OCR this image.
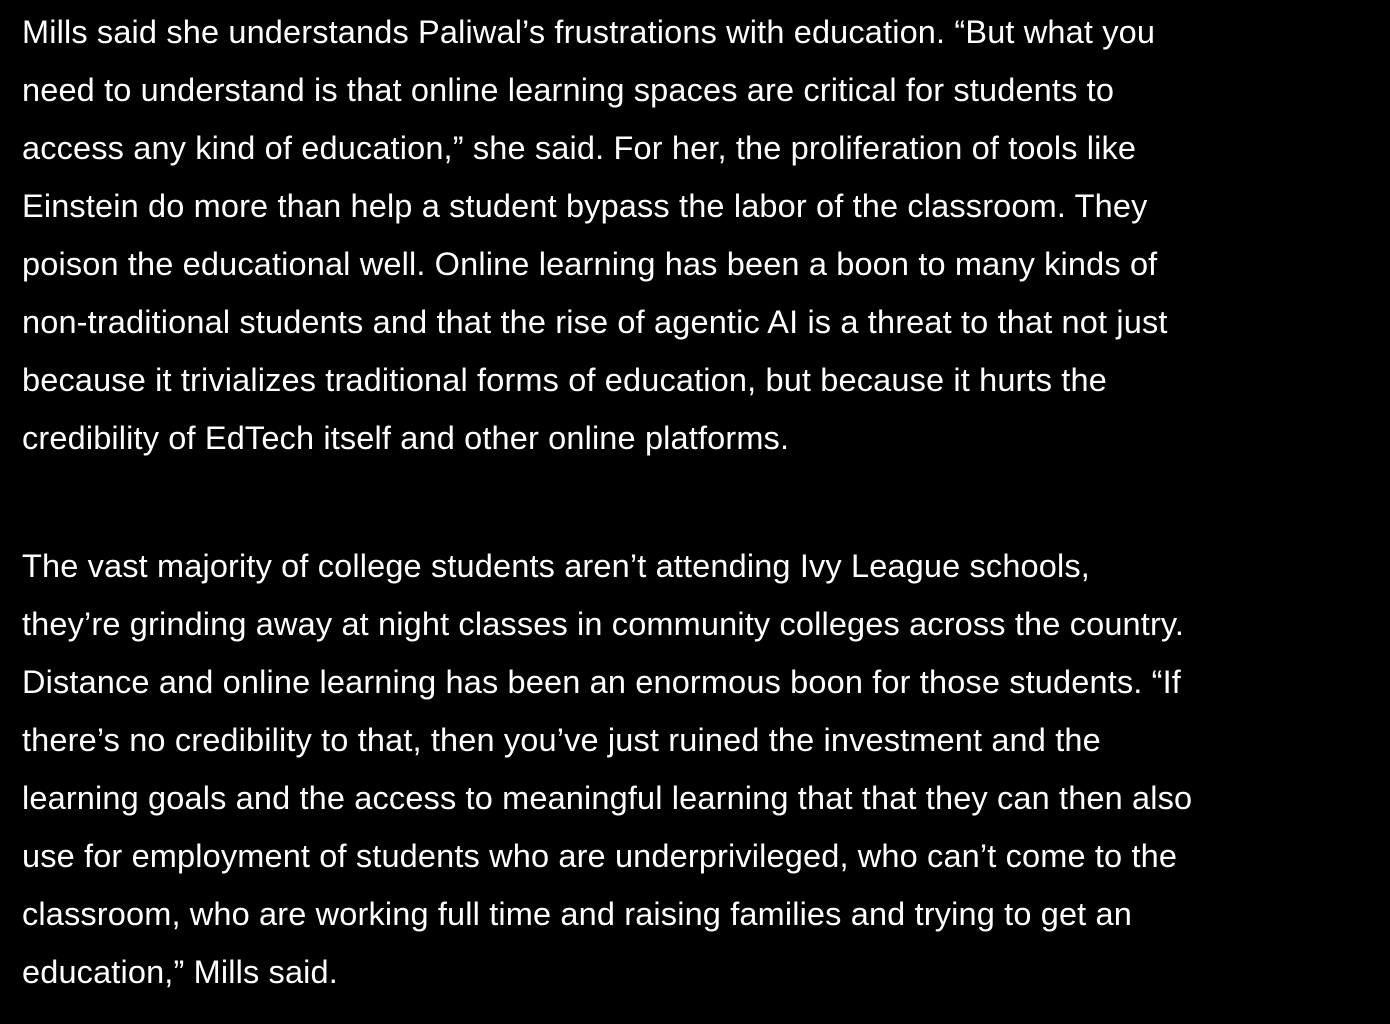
Mills said she understands Paliwal’s frustrations with education. “But what you
need to understand is that online learning spaces are critical for students to
access any kind of education,” she said. For her, the proliferation of tools like
Einstein do more than help a student bypass the labor of the classroom. They
poison the educational well. Online learning has been a boon to many kinds of
non-traditional students and that the rise of agentic AI is a threat to that not just
because it trivializes traditional forms of education, but because it hurts the
credibility of EdTech itself and other online platforms.

The vast majority of college students aren’t attending Ivy League schools,
they’re grinding away at night classes in community colleges across the country.
Distance and online learning has been an enormous boon for those students. “If
there’s no credibility to that, then you’ve just ruined the investment and the
learning goals and the access to meaningful learning that that they can then also
use for employment of students who are underprivileged, who can’t come to the
classroom, who are working full time and raising families and trying to get an
education,” Mills said.
